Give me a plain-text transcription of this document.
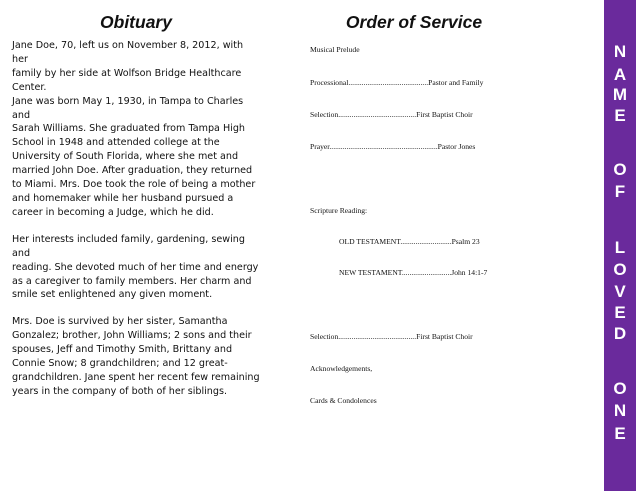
Obituary

Jane Doe, 70, left us on November 8, 2012, with her
family by her side at Wolfson Bridge Healthcare
Center.

Jane was born May 1, 1930, in Tampa to Charles and
Sarah Williams. She graduated from Tampa High
School in 1948 and attended college at the
University of South Florida, where she met and
married John Doe. After graduation, they returned
to Miami. Mrs. Doe took the role of being a mother
and homemaker while her husband pursued a
career in becoming a Judge, which he did.

Her interests included family, gardening, sewing and
reading. She devoted much of her time and energy
as a caregiver to family members. Her charm and
smile set enlightened any given moment.

Mrs. Doe is survived by her sister, Samantha
Gonzalez; brother, John Williams; 2 sons and their
spouses, Jeff and Timothy Smith, Brittany and
Connie Snow; 8 grandchildren; and 12 great-
grandchildren. Jane spent her recent few remaining
years in the company of both of her siblings.

Order of Service
Musical Prelude
Processional..........................................Pastor and Family
Selection.........................................First Baptist Choir
Prayer.........................................................Pastor Jones
Scripture Reading:
OLD TESTAMENT...........................Psalm 23
NEW TESTAMENT..........................John 14:1-7
Selection.........................................First Baptist Choir
Acknowledgements,
Cards & Condolences
N
A
M
E
O
F
L
O
V
E
D
O
N
E
